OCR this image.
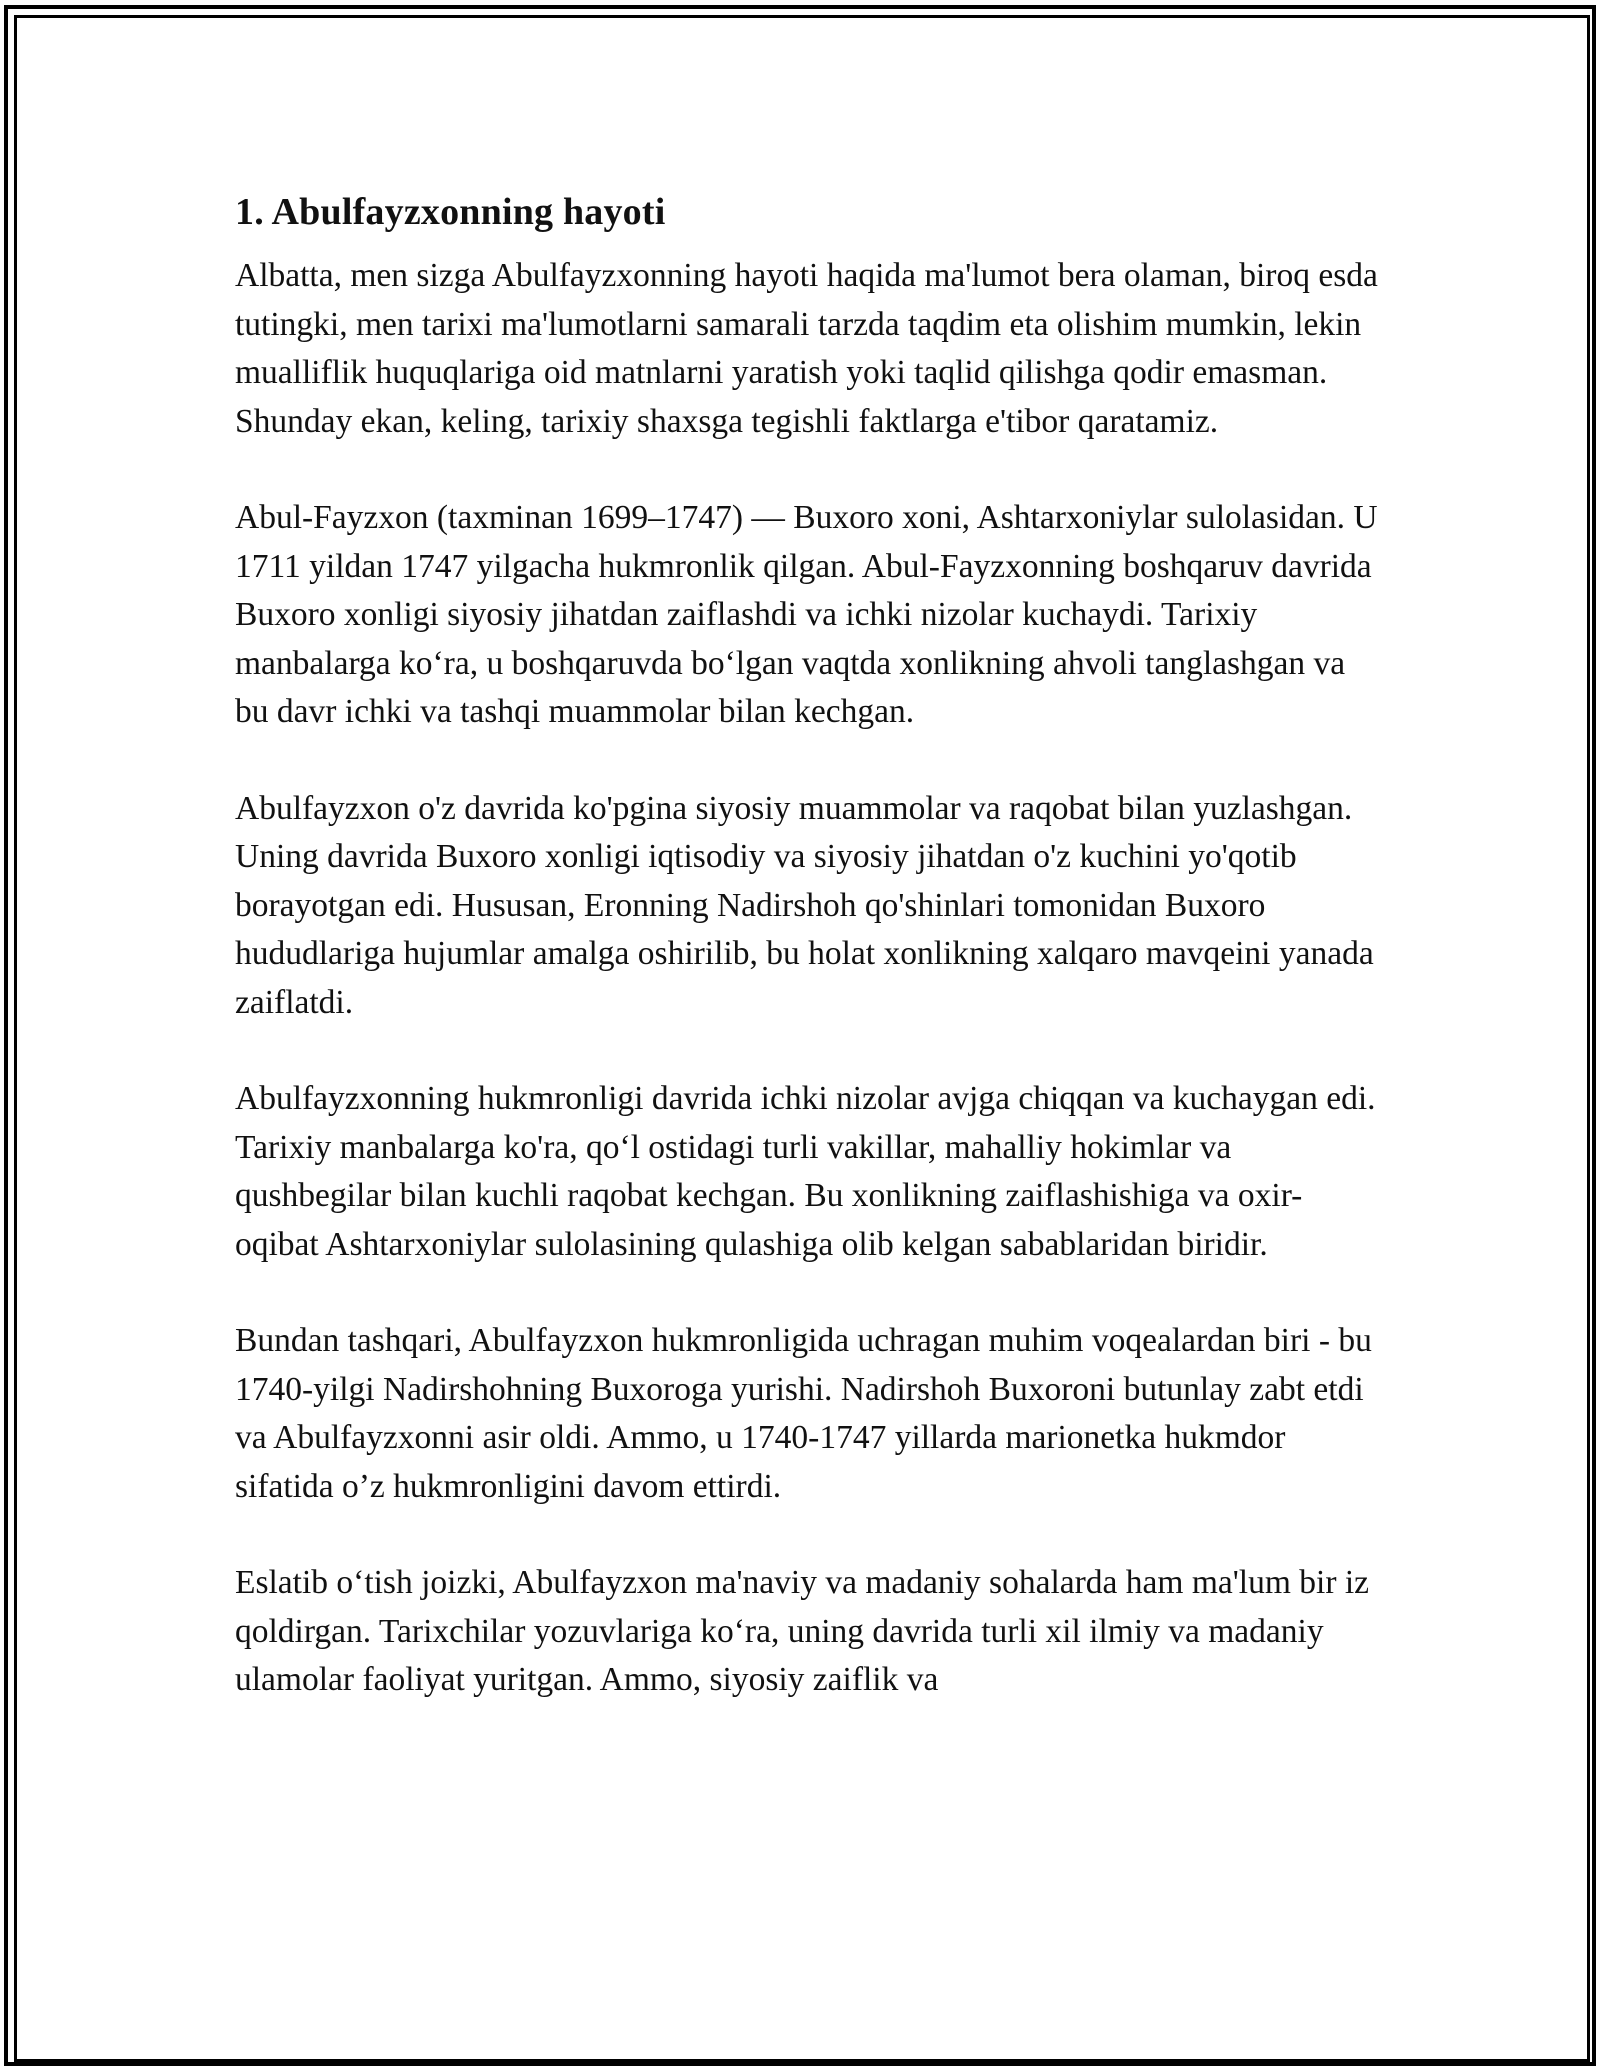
1. Abulfayzxonning hayoti

Albatta, men sizga Abulfayzxonning hayoti haqida ma'lumot bera olaman, biroq esda tutingki, men tarixi ma'lumotlarni samarali tarzda taqdim eta olishim mumkin, lekin mualliflik huquqlariga oid matnlarni yaratish yoki taqlid qilishga qodir emasman. Shunday ekan, keling, tarixiy shaxsga tegishli faktlarga e'tibor qaratamiz.

Abul-Fayzxon (taxminan 1699–1747) — Buxoro xoni, Ashtarxoniylar sulolasidan. U 1711 yildan 1747 yilgacha hukmronlik qilgan. Abul-Fayzxonning boshqaruv davrida Buxoro xonligi siyosiy jihatdan zaiflashdi va ichki nizolar kuchaydi. Tarixiy manbalarga ko‘ra, u boshqaruvda bo‘lgan vaqtda xonlikning ahvoli tanglashgan va bu davr ichki va tashqi muammolar bilan kechgan.

Abulfayzxon o'z davrida ko'pgina siyosiy muammolar va raqobat bilan yuzlashgan. Uning davrida Buxoro xonligi iqtisodiy va siyosiy jihatdan o'z kuchini yo'qotib borayotgan edi. Hususan, Eronning Nadirshoh qo'shinlari tomonidan Buxoro hududlariga hujumlar amalga oshirilib, bu holat xonlikning xalqaro mavqeini yanada zaiflatdi.

Abulfayzxonning hukmronligi davrida ichki nizolar avjga chiqqan va kuchaygan edi. Tarixiy manbalarga ko'ra, qo‘l ostidagi turli vakillar, mahalliy hokimlar va qushbegilar bilan kuchli raqobat kechgan. Bu xonlikning zaiflashishiga va oxir-oqibat Ashtarxoniylar sulolasining qulashiga olib kelgan sabablaridan biridir.

Bundan tashqari, Abulfayzxon hukmronligida uchragan muhim voqealardan biri - bu 1740-yilgi Nadirshohning Buxoroga yurishi. Nadirshoh Buxoroni butunlay zabt etdi va Abulfayzxonni asir oldi. Ammo, u 1740-1747 yillarda marionetka hukmdor sifatida o’z hukmronligini davom ettirdi.

Eslatib o‘tish joizki, Abulfayzxon ma'naviy va madaniy sohalarda ham ma'lum bir iz qoldirgan. Tarixchilar yozuvlariga ko‘ra, uning davrida turli xil ilmiy va madaniy ulamolar faoliyat yuritgan. Ammo, siyosiy zaiflik va
